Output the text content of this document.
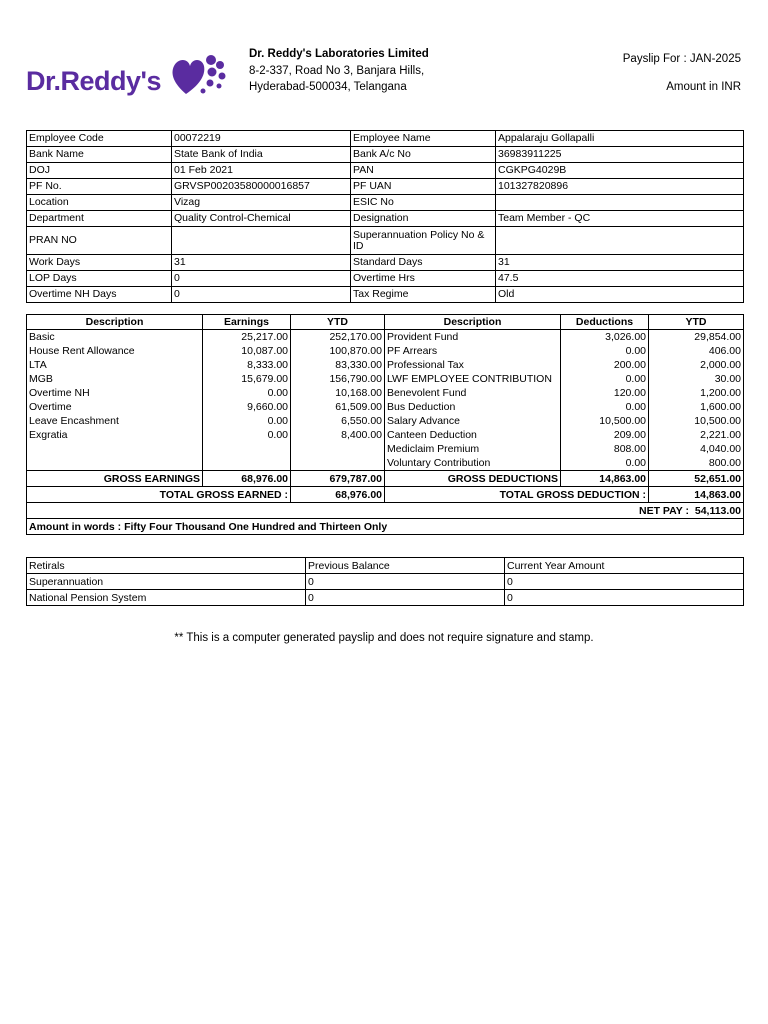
Dr.Reddy's
Dr. Reddy's Laboratories Limited
8-2-337, Road No 3, Banjara Hills,
Hyderabad-500034, Telangana
Payslip For : JAN-2025
Amount in INR
Employee Code	00072219	Employee Name	Appalaraju Gollapalli
Bank Name	State Bank of India	Bank A/c No	36983911225
DOJ	01 Feb 2021	PAN	CGKPG4029B
PF No.	GRVSP00203580000016857	PF UAN	101327820896
Location	Vizag	ESIC No	
Department	Quality Control-Chemical	Designation	Team Member - QC
PRAN NO		Superannuation Policy No & ID	
Work Days	31	Standard Days	31
LOP Days	0	Overtime Hrs	47.5
Overtime NH Days	0	Tax Regime	Old
Description	Earnings	YTD	Description	Deductions	YTD
Basic	25,217.00	252,170.00	Provident Fund	3,026.00	29,854.00
House Rent Allowance	10,087.00	100,870.00	PF Arrears	0.00	406.00
LTA	8,333.00	83,330.00	Professional Tax	200.00	2,000.00
MGB	15,679.00	156,790.00	LWF EMPLOYEE CONTRIBUTION	0.00	30.00
Overtime NH	0.00	10,168.00	Benevolent Fund	120.00	1,200.00
Overtime	9,660.00	61,509.00	Bus Deduction	0.00	1,600.00
Leave Encashment	0.00	6,550.00	Salary Advance	10,500.00	10,500.00
Exgratia	0.00	8,400.00	Canteen Deduction	209.00	2,221.00
			Mediclaim Premium	808.00	4,040.00
			Voluntary Contribution	0.00	800.00
GROSS EARNINGS	68,976.00	679,787.00	GROSS DEDUCTIONS	14,863.00	52,651.00
TOTAL GROSS EARNED :		68,976.00	TOTAL GROSS DEDUCTION :		14,863.00
NET PAY : 54,113.00					
Amount in words : Fifty Four Thousand One Hundred and Thirteen Only					
Retirals	Previous Balance	Current Year Amount
Superannuation	0	0
National Pension System	0	0
** This is a computer generated payslip and does not require signature and stamp.
